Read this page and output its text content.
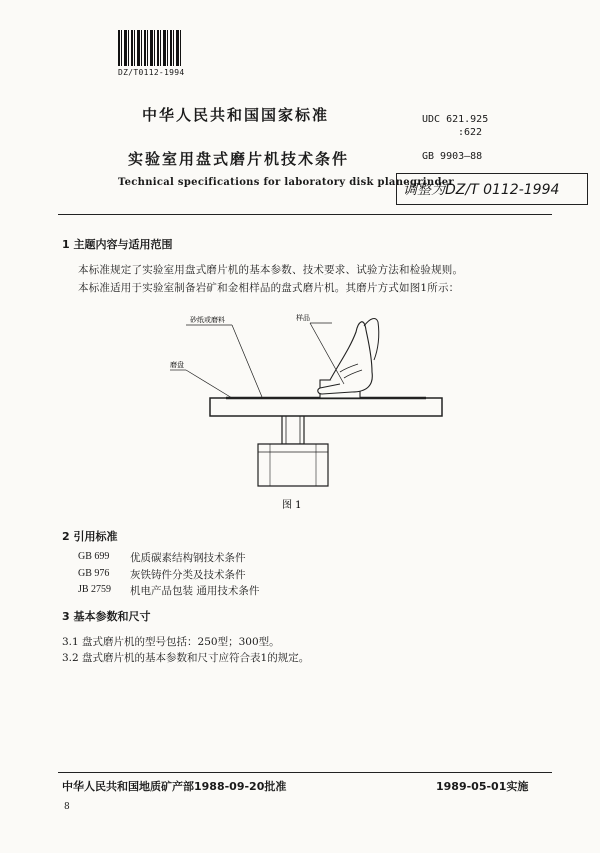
DZ/T0112-1994
中华人民共和国国家标准	UDC 621.925
:622
GB 9903—88
实验室用盘式磨片机技术条件
Technical specifications for laboratory disk planegrinder
调整为DZ/T 0112-1994
1 主题内容与适用范围
本标准规定了实验室用盘式磨片机的基本参数、技术要求、试验方法和检验规则。
本标准适用于实验室制备岩矿和金相样品的盘式磨片机。其磨片方式如图1所示：
砂纸或磨料	样品
磨盘
图 1
2 引用标准
GB 699 优质碳素结构钢技术条件
GB 976 灰铁铸件分类及技术条件
JB 2759 机电产品包装 通用技术条件
3 基本参数和尺寸
3.1 盘式磨片机的型号包括：250型；300型。
3.2 盘式磨片机的基本参数和尺寸应符合表1的规定。
中华人民共和国地质矿产部1988-09-20批准	1989-05-01实施
8
